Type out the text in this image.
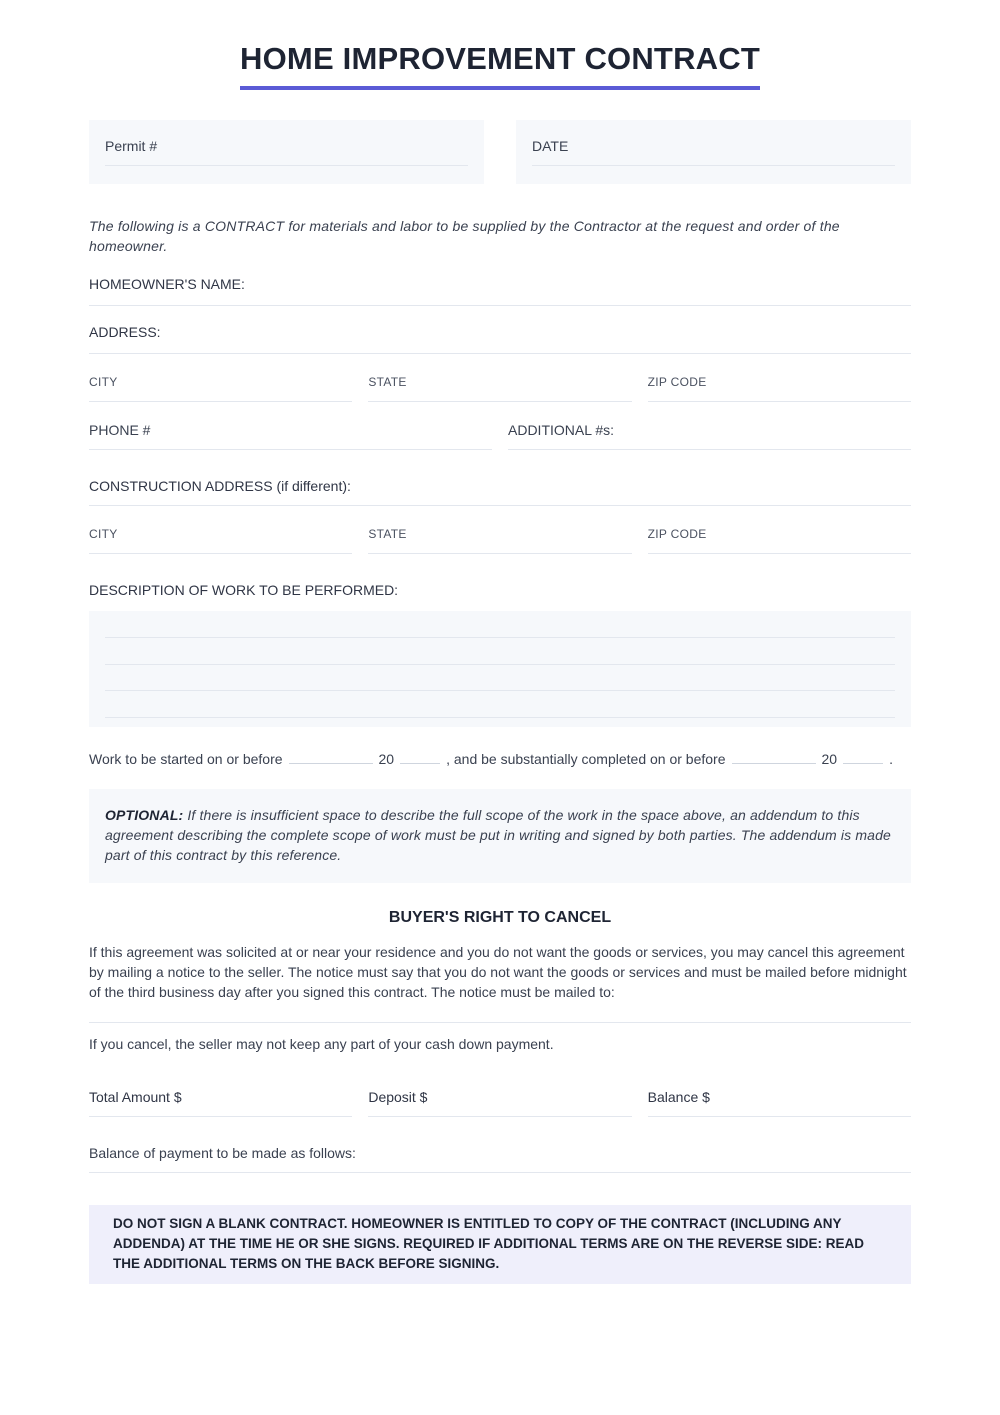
HOME IMPROVEMENT CONTRACT
Permit #	DATE

The following is a CONTRACT for materials and labor to be supplied by the Contractor at the request and order of the homeowner.

HOMEOWNER'S NAME:
ADDRESS:
CITY	STATE	ZIP CODE
PHONE #	ADDITIONAL #s:
CONSTRUCTION ADDRESS (if different):
CITY	STATE	ZIP CODE
DESCRIPTION OF WORK TO BE PERFORMED:
Work to be started on or before	20	, and be substantially completed on or before	20	.
OPTIONAL: If there is insufficient space to describe the full scope of the work in the space above, an addendum to this agreement describing the complete scope of work must be put in writing and signed by both parties. The addendum is made part of this contract by this reference.
BUYER'S RIGHT TO CANCEL

If this agreement was solicited at or near your residence and you do not want the goods or services, you may cancel this agreement by mailing a notice to the seller. The notice must say that you do not want the goods or services and must be mailed before midnight of the third business day after you signed this contract. The notice must be mailed to:

If you cancel, the seller may not keep any part of your cash down payment.

Total Amount $	Deposit $	Balance $
Balance of payment to be made as follows:
DO NOT SIGN A BLANK CONTRACT. HOMEOWNER IS ENTITLED TO COPY OF THE CONTRACT (INCLUDING ANY ADDENDA) AT THE TIME HE OR SHE SIGNS. REQUIRED IF ADDITIONAL TERMS ARE ON THE REVERSE SIDE: READ THE ADDITIONAL TERMS ON THE BACK BEFORE SIGNING.
